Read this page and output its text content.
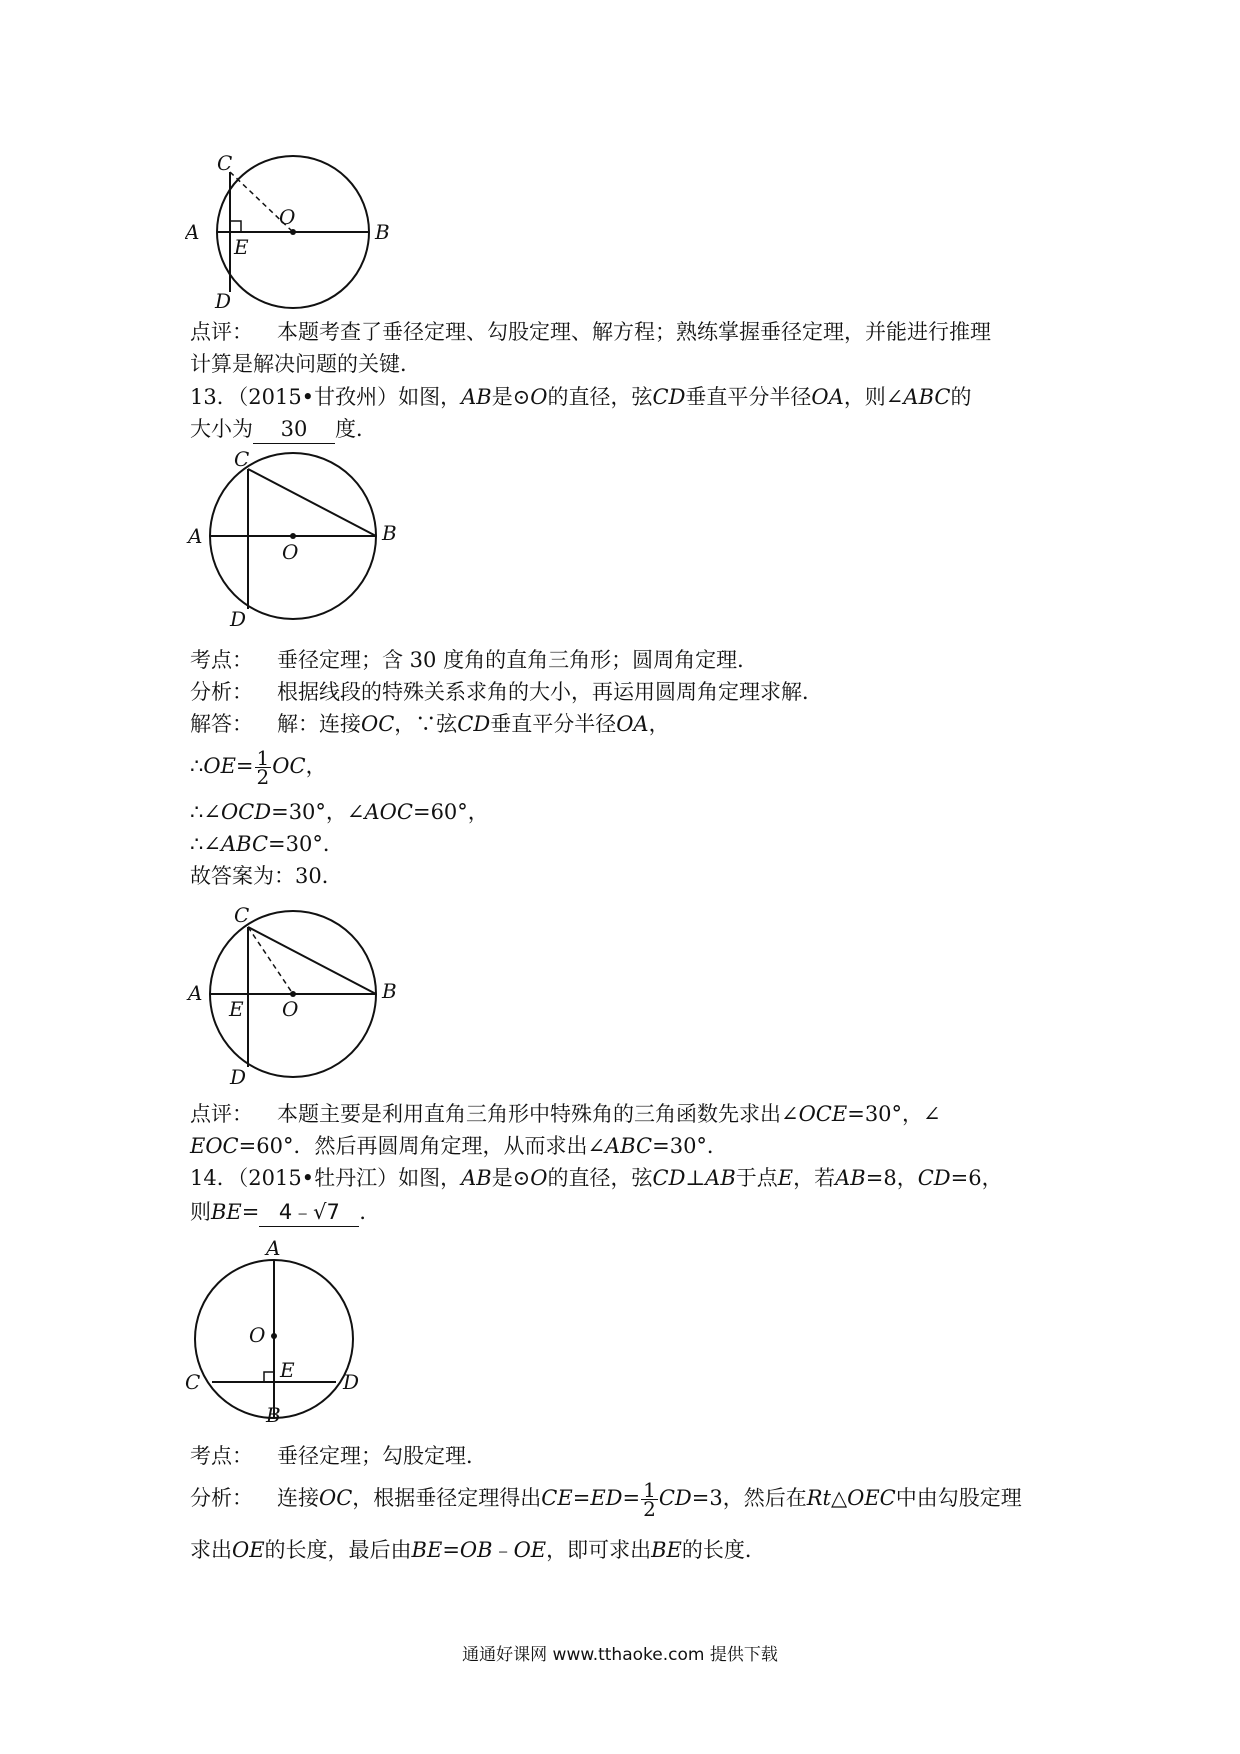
C
O
A
E
B
D
点评： 本题考查了垂径定理、勾股定理、解方程；熟练掌握垂径定理，并能进行推理
计算是解决问题的关键．
13．（2015•甘孜州）如图，AB是⊙O的直径，弦CD垂直平分半径OA，则∠ABC的
大小为 30 度．
C
A
O
B
D
考点： 垂径定理；含 30 度角的直角三角形；圆周角定理．
分析： 根据线段的特殊关系求角的大小，再运用圆周角定理求解．
解答： 解：连接OC，∵弦CD垂直平分半径OA，
∴OE= $\frac{1}{2}$ OC，
∴∠OCD=30°，∠AOC=60°，
∴∠ABC=30°．
故答案为：30．
C
A
E O
B
D
点评： 本题主要是利用直角三角形中特殊角的三角函数先求出∠OCE=30°，∠
EOC=60°．然后再圆周角定理，从而求出∠ABC=30°．
14．（2015•牡丹江）如图，AB是⊙O的直径，弦CD⊥AB于点E，若AB=8，CD=6，
则BE= 4﹣√7 ．
A
O
E
C	D
B
考点： 垂径定理；勾股定理．
分析： 连接OC，根据垂径定理得出$CE=ED= \frac{1}{2} CD=3$，然后在Rt△OEC中由勾股定理
求出OE的长度，最后由BE=OB﹣OE，即可求出BE的长度．
通通好课网 www.tthaoke.com 提供下载
